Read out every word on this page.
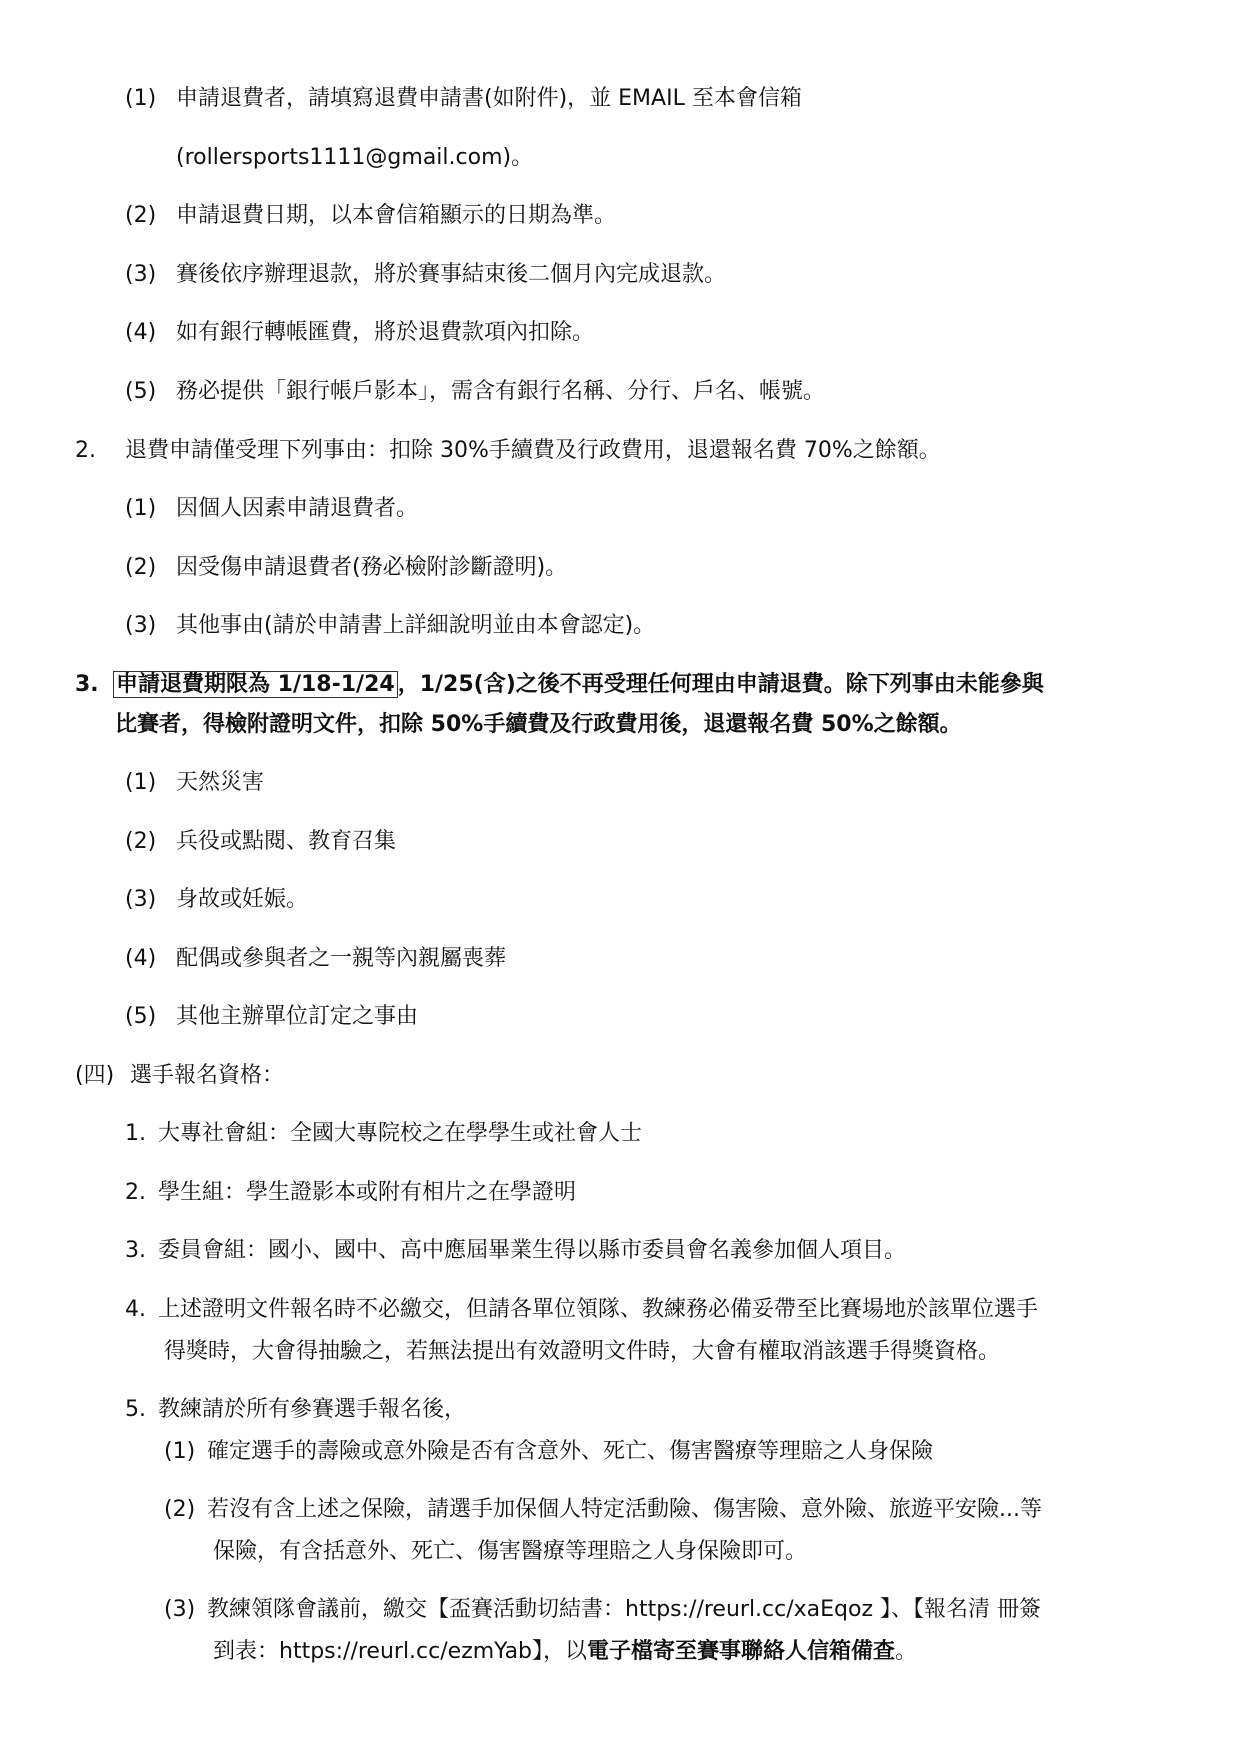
(1) 申請退費者，請填寫退費申請書(如附件)，並 EMAIL 至本會信箱
(rollersports1111@gmail.com)。
(2) 申請退費日期，以本會信箱顯示的日期為準。
(3) 賽後依序辦理退款，將於賽事結束後二個月內完成退款。
(4) 如有銀行轉帳匯費，將於退費款項內扣除。
(5) 務必提供「銀行帳戶影本」，需含有銀行名稱、分行、戶名、帳號。
2. 退費申請僅受理下列事由：扣除 30%手續費及行政費用，退還報名費 70%之餘額。
(1) 因個人因素申請退費者。
(2) 因受傷申請退費者(務必檢附診斷證明)。
(3) 其他事由(請於申請書上詳細說明並由本會認定)。
3. 申請退費期限為 1/18-1/24 ，1/25(含)之後不再受理任何理由申請退費。除下列事由未能參與
比賽者，得檢附證明文件，扣除 50%手續費及行政費用後，退還報名費 50%之餘額。
(1) 天然災害
(2) 兵役或點閱、教育召集
(3) 身故或妊娠。
(4) 配偶或參與者之一親等內親屬喪葬
(5) 其他主辦單位訂定之事由
(四) 選手報名資格：
1. 大專社會組：全國大專院校之在學學生或社會人士
2. 學生組：學生證影本或附有相片之在學證明
3. 委員會組：國小、國中、高中應屆畢業生得以縣市委員會名義參加個人項目。
4. 上述證明文件報名時不必繳交，但請各單位領隊、教練務必備妥帶至比賽場地於該單位選手
得獎時，大會得抽驗之，若無法提出有效證明文件時，大會有權取消該選手得獎資格。
5. 教練請於所有參賽選手報名後，
(1) 確定選手的壽險或意外險是否有含意外、死亡、傷害醫療等理賠之人身保險
(2) 若沒有含上述之保險，請選手加保個人特定活動險、傷害險、意外險、旅遊平安險...等
保險，有含括意外、死亡、傷害醫療等理賠之人身保險即可。
(3) 教練領隊會議前，繳交【盃賽活動切結書：https://reurl.cc/xaEqoz 】、【報名清 冊簽
到表：https://reurl.cc/ezmYab】，以電子檔寄至賽事聯絡人信箱備查。
